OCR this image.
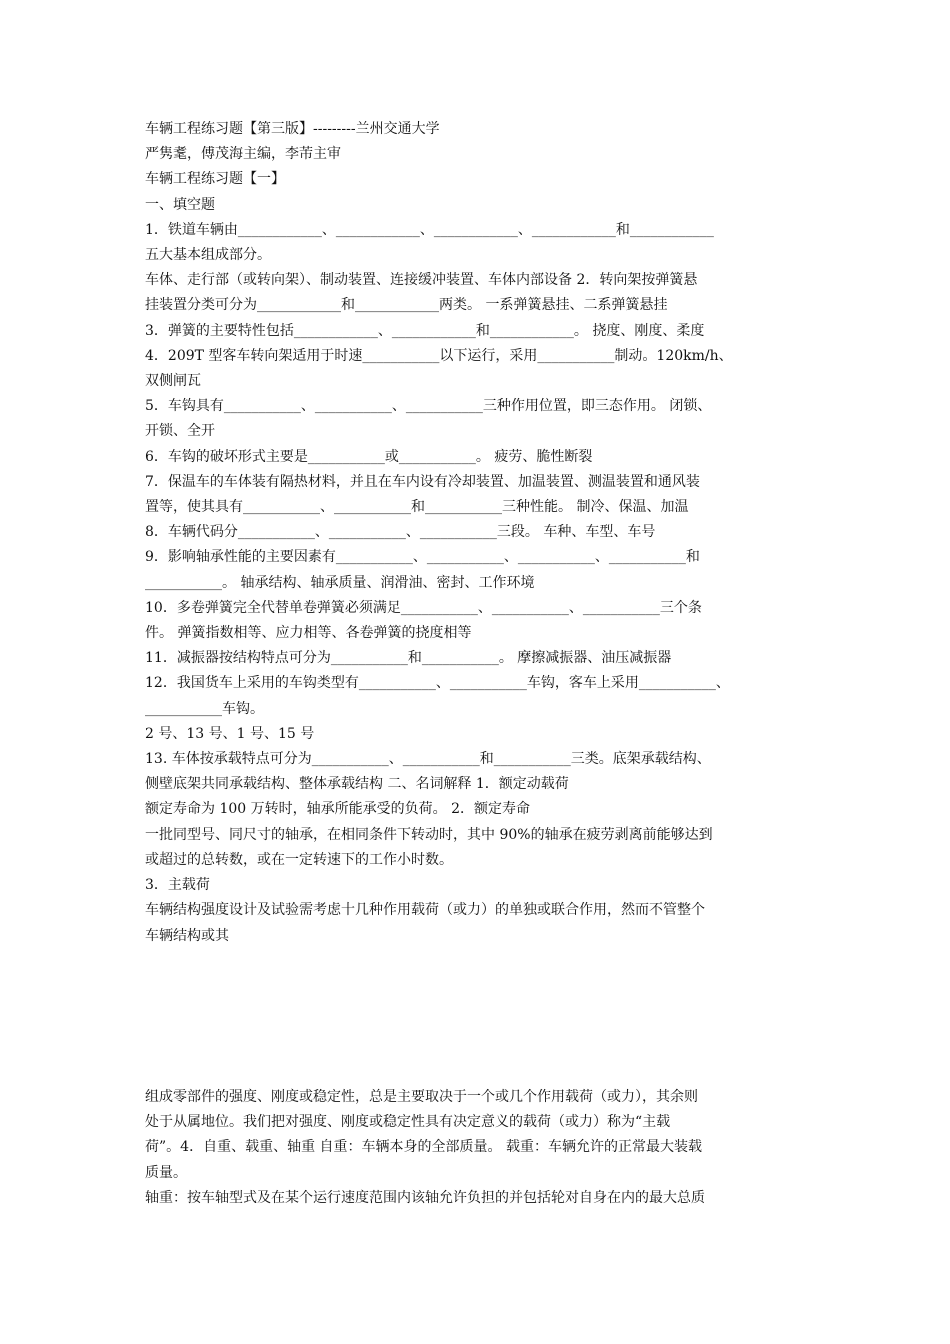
车辆工程练习题【第三版】---------兰州交通大学
严隽耄，傅茂海主编，李芾主审
车辆工程练习题【一】
一、填空题
1．铁道车辆由____________、____________、____________、____________和____________
五大基本组成部分。
车体、走行部（或转向架）、制动装置、连接缓冲装置、车体内部设备 2．转向架按弹簧悬
挂装置分类可分为____________和____________两类。 一系弹簧悬挂、二系弹簧悬挂
3．弹簧的主要特性包括____________、____________和____________。 挠度、刚度、柔度
4．209T 型客车转向架适用于时速___________以下运行，采用___________制动。120km/h、
双侧闸瓦
5．车钩具有___________、___________、___________三种作用位置，即三态作用。 闭锁、
开锁、全开
6．车钩的破坏形式主要是___________或___________。 疲劳、脆性断裂
7．保温车的车体装有隔热材料，并且在车内设有冷却装置、加温装置、测温装置和通风装
置等，使其具有___________、___________和___________三种性能。 制冷、保温、加温
8．车辆代码分___________、___________、___________三段。 车种、车型、车号
9．影响轴承性能的主要因素有___________、___________、___________、___________和
___________。 轴承结构、轴承质量、润滑油、密封、工作环境
10．多卷弹簧完全代替单卷弹簧必须满足___________、___________、___________三个条
件。 弹簧指数相等、应力相等、各卷弹簧的挠度相等
11．减振器按结构特点可分为___________和___________。 摩擦减振器、油压减振器
12．我国货车上采用的车钩类型有___________、___________车钩，客车上采用___________、
___________车钩。
2 号、13 号、1 号、15 号
13. 车体按承载特点可分为___________、___________和___________三类。底架承载结构、
侧壁底架共同承载结构、整体承载结构 二、名词解释 1．额定动载荷
额定寿命为 100 万转时，轴承所能承受的负荷。 2．额定寿命
一批同型号、同尺寸的轴承，在相同条件下转动时，其中 90%的轴承在疲劳剥离前能够达到
或超过的总转数，或在一定转速下的工作小时数。
3．主载荷
车辆结构强度设计及试验需考虑十几种作用载荷（或力）的单独或联合作用，然而不管整个
车辆结构或其
组成零部件的强度、刚度或稳定性，总是主要取决于一个或几个作用载荷（或力），其余则
处于从属地位。我们把对强度、刚度或稳定性具有决定意义的载荷（或力）称为“主载
荷”。4．自重、载重、轴重 自重：车辆本身的全部质量。 载重：车辆允许的正常最大装载
质量。
轴重：按车轴型式及在某个运行速度范围内该轴允许负担的并包括轮对自身在内的最大总质
